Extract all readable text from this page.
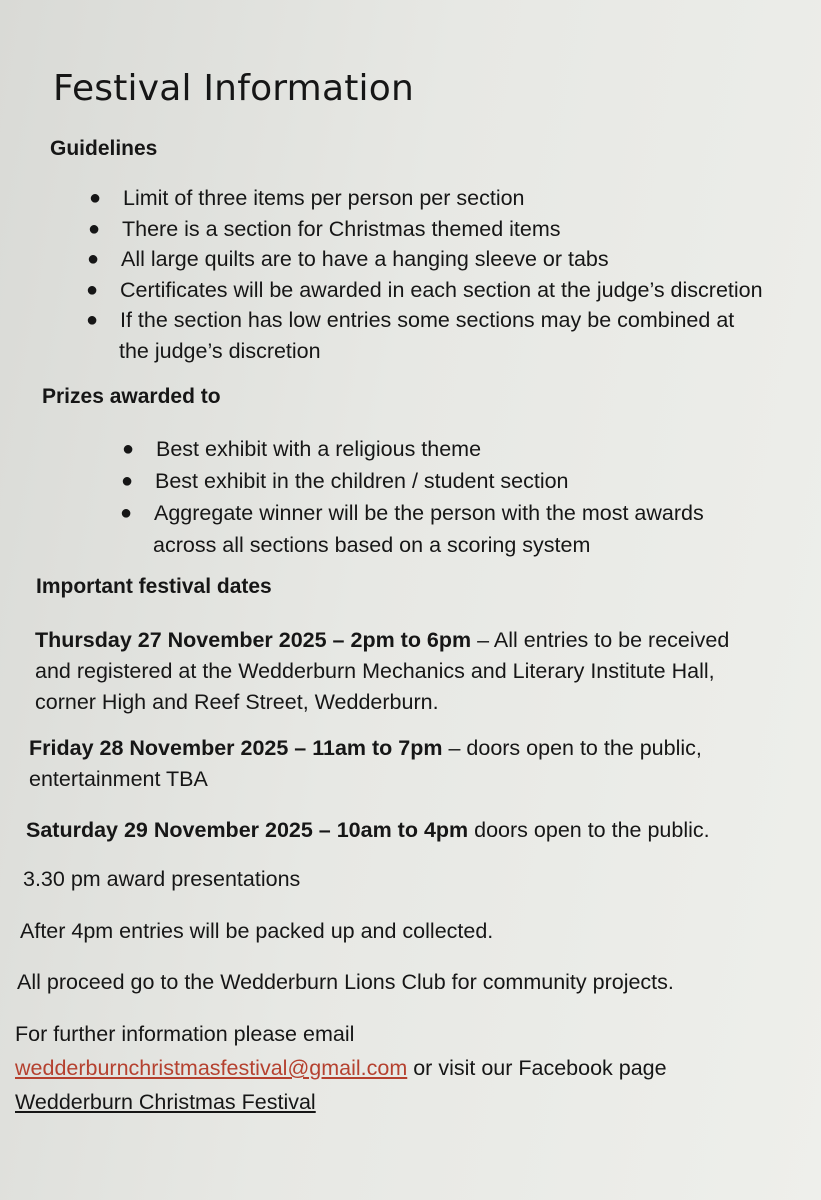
Festival Information
Guidelines
● Limit of three items per person per section
● There is a section for Christmas themed items
● All large quilts are to have a hanging sleeve or tabs
● Certificates will be awarded in each section at the judge’s discretion
● If the section has low entries some sections may be combined at
the judge’s discretion
Prizes awarded to
● Best exhibit with a religious theme
● Best exhibit in the children / student section
● Aggregate winner will be the person with the most awards
across all sections based on a scoring system
Important festival dates
Thursday 27 November 2025 – 2pm to 6pm – All entries to be received
and registered at the Wedderburn Mechanics and Literary Institute Hall,
corner High and Reef Street, Wedderburn.
Friday 28 November 2025 – 11am to 7pm – doors open to the public,
entertainment TBA
Saturday 29 November 2025 – 10am to 4pm doors open to the public.

3.30 pm award presentations

After 4pm entries will be packed up and collected.

All proceed go to the Wedderburn Lions Club for community projects.

For further information please email
wedderburnchristmasfestival@gmail.com or visit our Facebook page
Wedderburn Christmas Festival
